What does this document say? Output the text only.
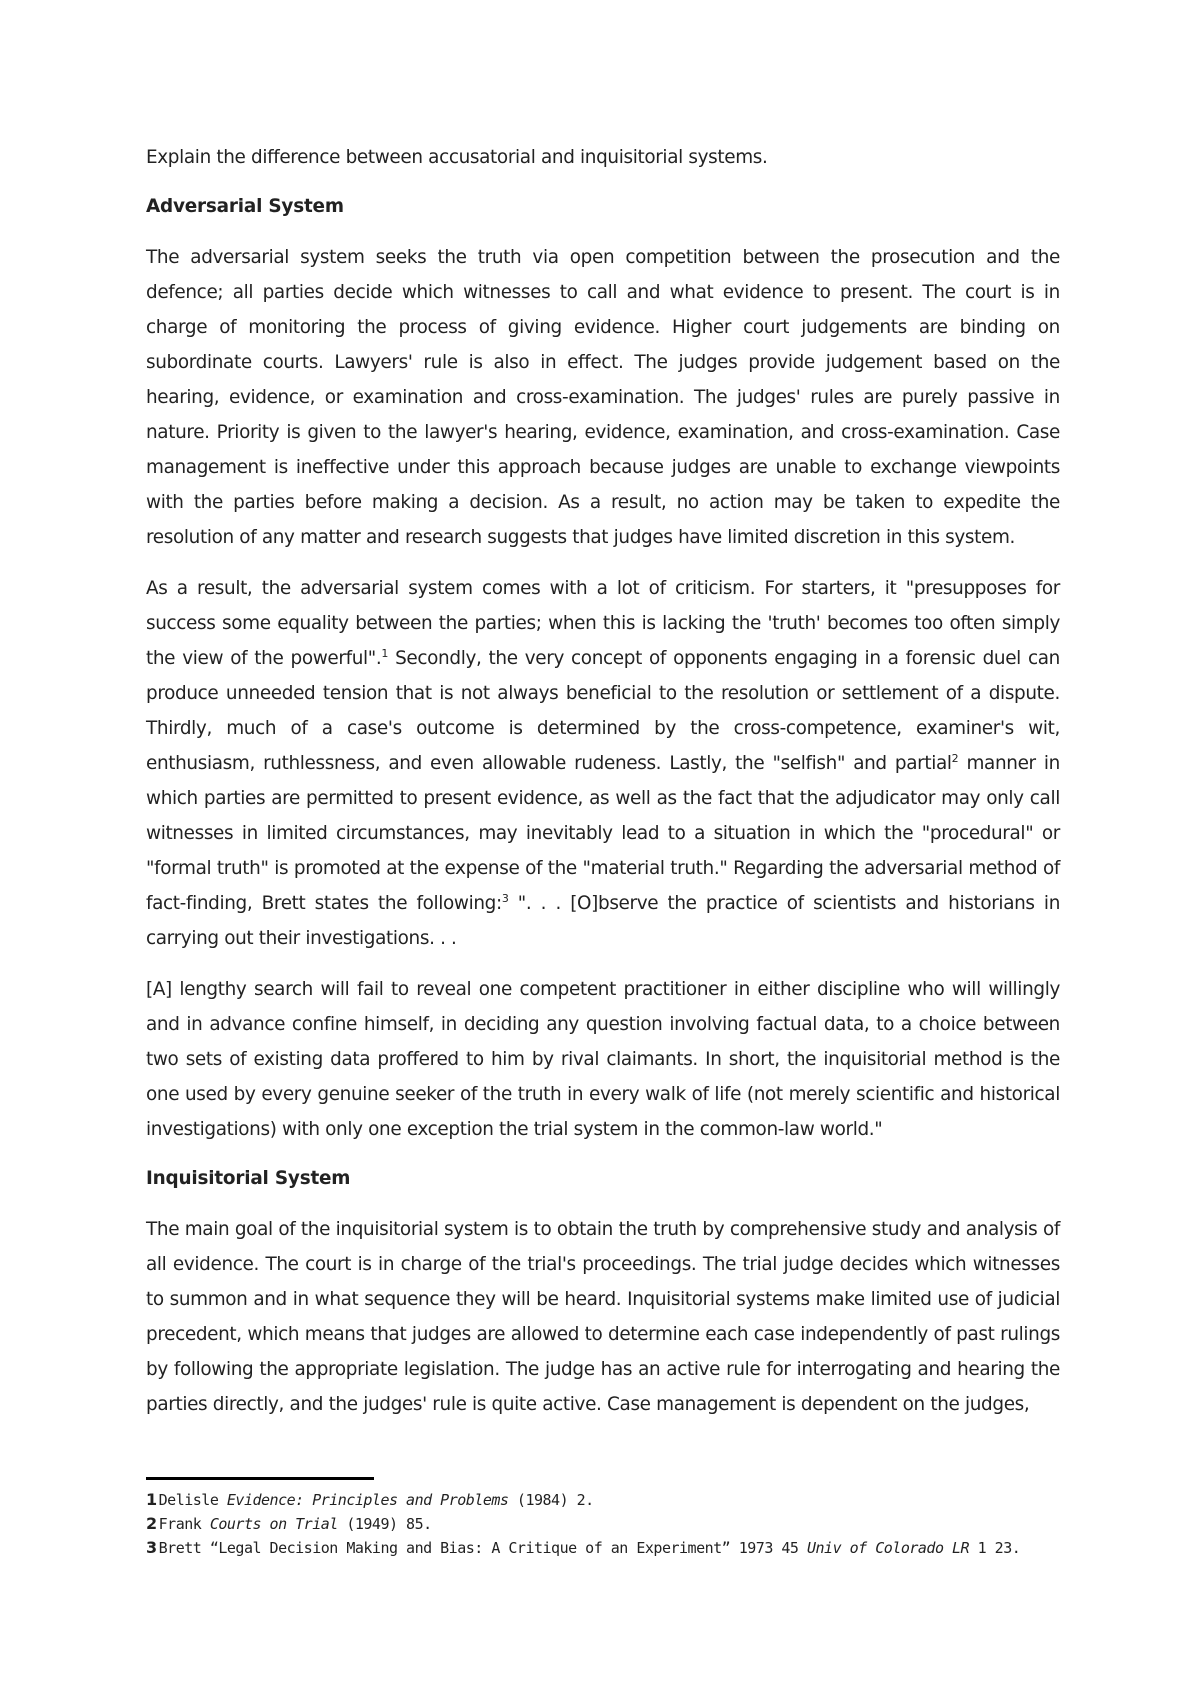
Explain the difference between accusatorial and inquisitorial systems.

Adversarial System

The adversarial system seeks the truth via open competition between the prosecution and the defence; all parties decide which witnesses to call and what evidence to present. The court is in charge of monitoring the process of giving evidence. Higher court judgements are binding on subordinate courts. Lawyers' rule is also in effect. The judges provide judgement based on the hearing, evidence, or examination and cross-examination. The judges' rules are purely passive in nature. Priority is given to the lawyer's hearing, evidence, examination, and cross-examination. Case management is ineffective under this approach because judges are unable to exchange viewpoints with the parties before making a decision. As a result, no action may be taken to expedite the resolution of any matter and research suggests that judges have limited discretion in this system.

As a result, the adversarial system comes with a lot of criticism. For starters, it "presupposes for success some equality between the parties; when this is lacking the 'truth' becomes too often simply the view of the powerful".$^1$ Secondly, the very concept of opponents engaging in a forensic duel can produce unneeded tension that is not always beneficial to the resolution or settlement of a dispute. Thirdly, much of a case's outcome is determined by the cross-competence, examiner's wit, enthusiasm, ruthlessness, and even allowable rudeness. Lastly, the "selfish" and partial$^2$ manner in which parties are permitted to present evidence, as well as the fact that the adjudicator may only call witnesses in limited circumstances, may inevitably lead to a situation in which the "procedural" or "formal truth" is promoted at the expense of the "material truth." Regarding the adversarial method of fact-finding, Brett states the following:$^3$ ". . . [O]bserve the practice of scientists and historians in carrying out their investigations. . .

[A] lengthy search will fail to reveal one competent practitioner in either discipline who will willingly and in advance confine himself, in deciding any question involving factual data, to a choice between two sets of existing data proffered to him by rival claimants. In short, the inquisitorial method is the one used by every genuine seeker of the truth in every walk of life (not merely scientific and historical investigations) with only one exception the trial system in the common-law world."

Inquisitorial System

The main goal of the inquisitorial system is to obtain the truth by comprehensive study and analysis of all evidence. The court is in charge of the trial's proceedings. The trial judge decides which witnesses to summon and in what sequence they will be heard. Inquisitorial systems make limited use of judicial precedent, which means that judges are allowed to determine each case independently of past rulings by following the appropriate legislation. The judge has an active rule for interrogating and hearing the parties directly, and the judges' rule is quite active. Case management is dependent on the judges,

1 Delisle Evidence: Principles and Problems (1984) 2.
2 Frank Courts on Trial (1949) 85.
3 Brett “Legal Decision Making and Bias: A Critique of an Experiment” 1973 45 Univ of Colorado LR 1 23.
